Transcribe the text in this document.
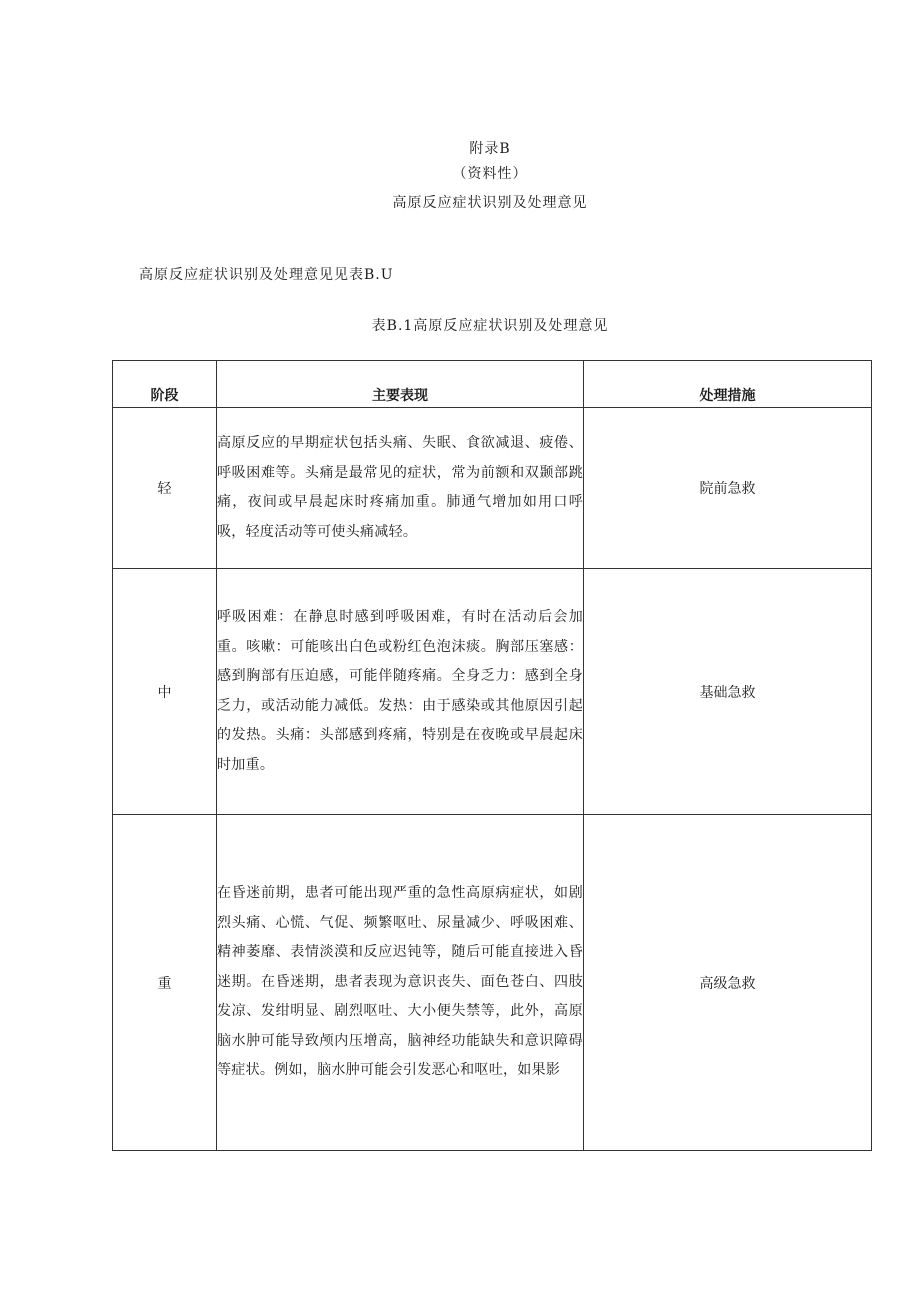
附录B
（资料性）
高原反应症状识别及处理意见
高原反应症状识别及处理意见见表B.U
表B.1高原反应症状识别及处理意见
阶段	主要表现	处理措施
轻	高原反应的早期症状包括头痛、失眠、食欲减退、疲倦、呼吸困难等。头痛是最常见的症状，常为前额和双颞部跳痛，夜间或早晨起床时疼痛加重。肺通气增加如用口呼吸，轻度活动等可使头痛减轻。	院前急救
中	呼吸困难：在静息时感到呼吸困难，有时在活动后会加重。咳嗽：可能咳出白色或粉红色泡沫痰。胸部压塞感：感到胸部有压迫感，可能伴随疼痛。全身乏力：感到全身乏力，或活动能力减低。发热：由于感染或其他原因引起的发热。头痛：头部感到疼痛，特别是在夜晚或早晨起床时加重。	基础急救
重	在昏迷前期，患者可能出现严重的急性高原病症状，如剧烈头痛、心慌、气促、频繁呕吐、尿量减少、呼吸困难、精神萎靡、表情淡漠和反应迟钝等，随后可能直接进入昏迷期。在昏迷期，患者表现为意识丧失、面色苍白、四肢发凉、发绀明显、剧烈呕吐、大小便失禁等，此外，高原脑水肿可能导致颅内压增高，脑神经功能缺失和意识障碍等症状。例如，脑水肿可能会引发恶心和呕吐，如果影	高级急救
